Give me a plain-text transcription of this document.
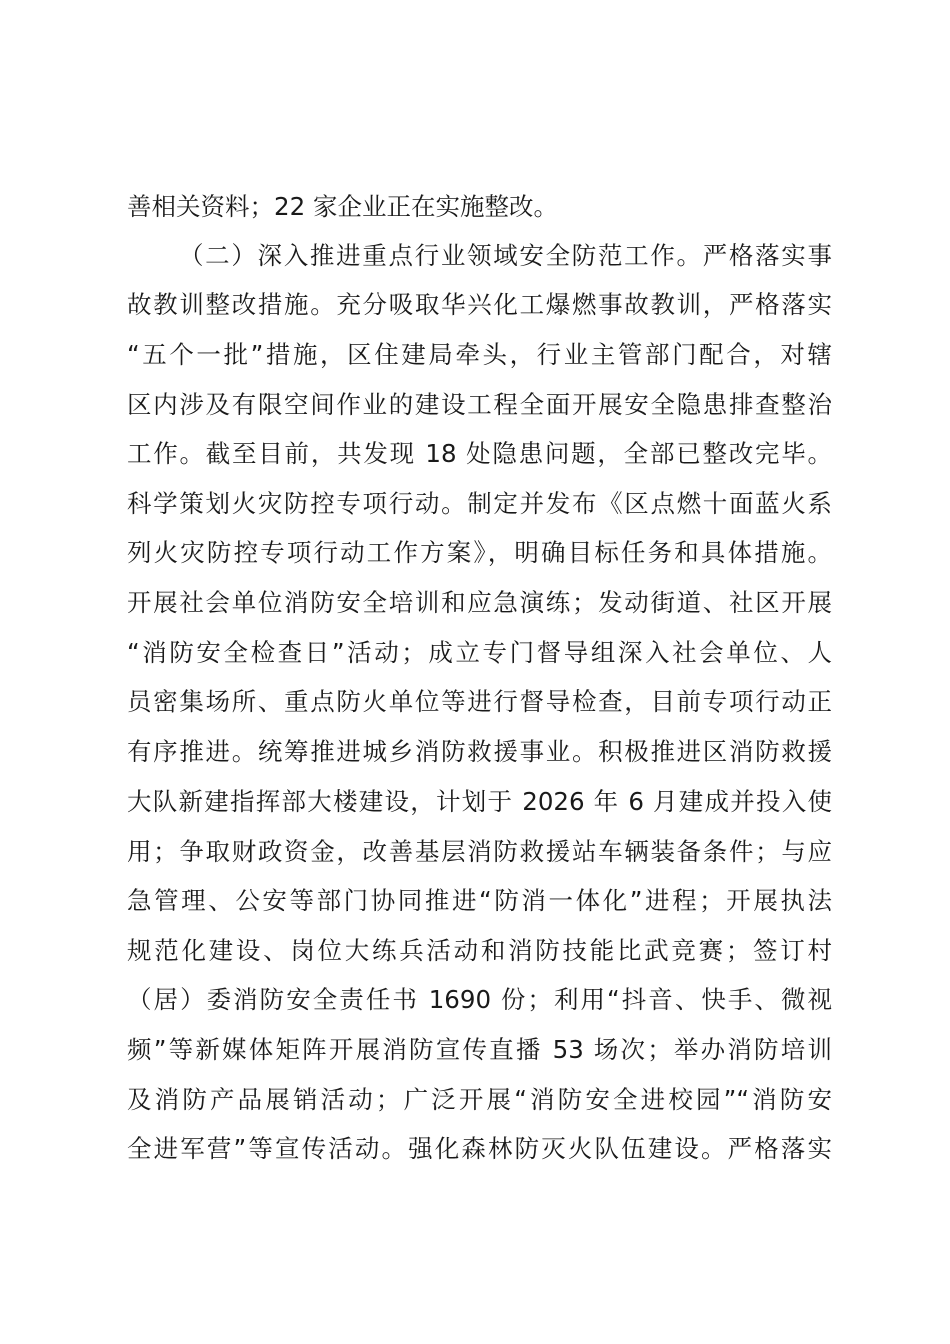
善相关资料；22 家企业正在实施整改。
（二）深入推进重点行业领域安全防范工作。严格落实事
故教训整改措施。充分吸取华兴化工爆燃事故教训，严格落实
“五个一批”措施，区住建局牵头，行业主管部门配合，对辖
区内涉及有限空间作业的建设工程全面开展安全隐患排查整治
工作。截至目前，共发现 18 处隐患问题，全部已整改完毕。
科学策划火灾防控专项行动。制定并发布《区点燃十面蓝火系
列火灾防控专项行动工作方案》，明确目标任务和具体措施。
开展社会单位消防安全培训和应急演练；发动街道、社区开展
“消防安全检查日”活动；成立专门督导组深入社会单位、人
员密集场所、重点防火单位等进行督导检查，目前专项行动正
有序推进。统筹推进城乡消防救援事业。积极推进区消防救援
大队新建指挥部大楼建设，计划于 2026 年 6 月建成并投入使
用；争取财政资金，改善基层消防救援站车辆装备条件；与应
急管理、公安等部门协同推进“防消一体化”进程；开展执法
规范化建设、岗位大练兵活动和消防技能比武竞赛；签订村
（居）委消防安全责任书 1690 份；利用“抖音、快手、微视
频”等新媒体矩阵开展消防宣传直播 53 场次；举办消防培训
及消防产品展销活动；广泛开展“消防安全进校园”“消防安
全进军营”等宣传活动。强化森林防灭火队伍建设。严格落实
